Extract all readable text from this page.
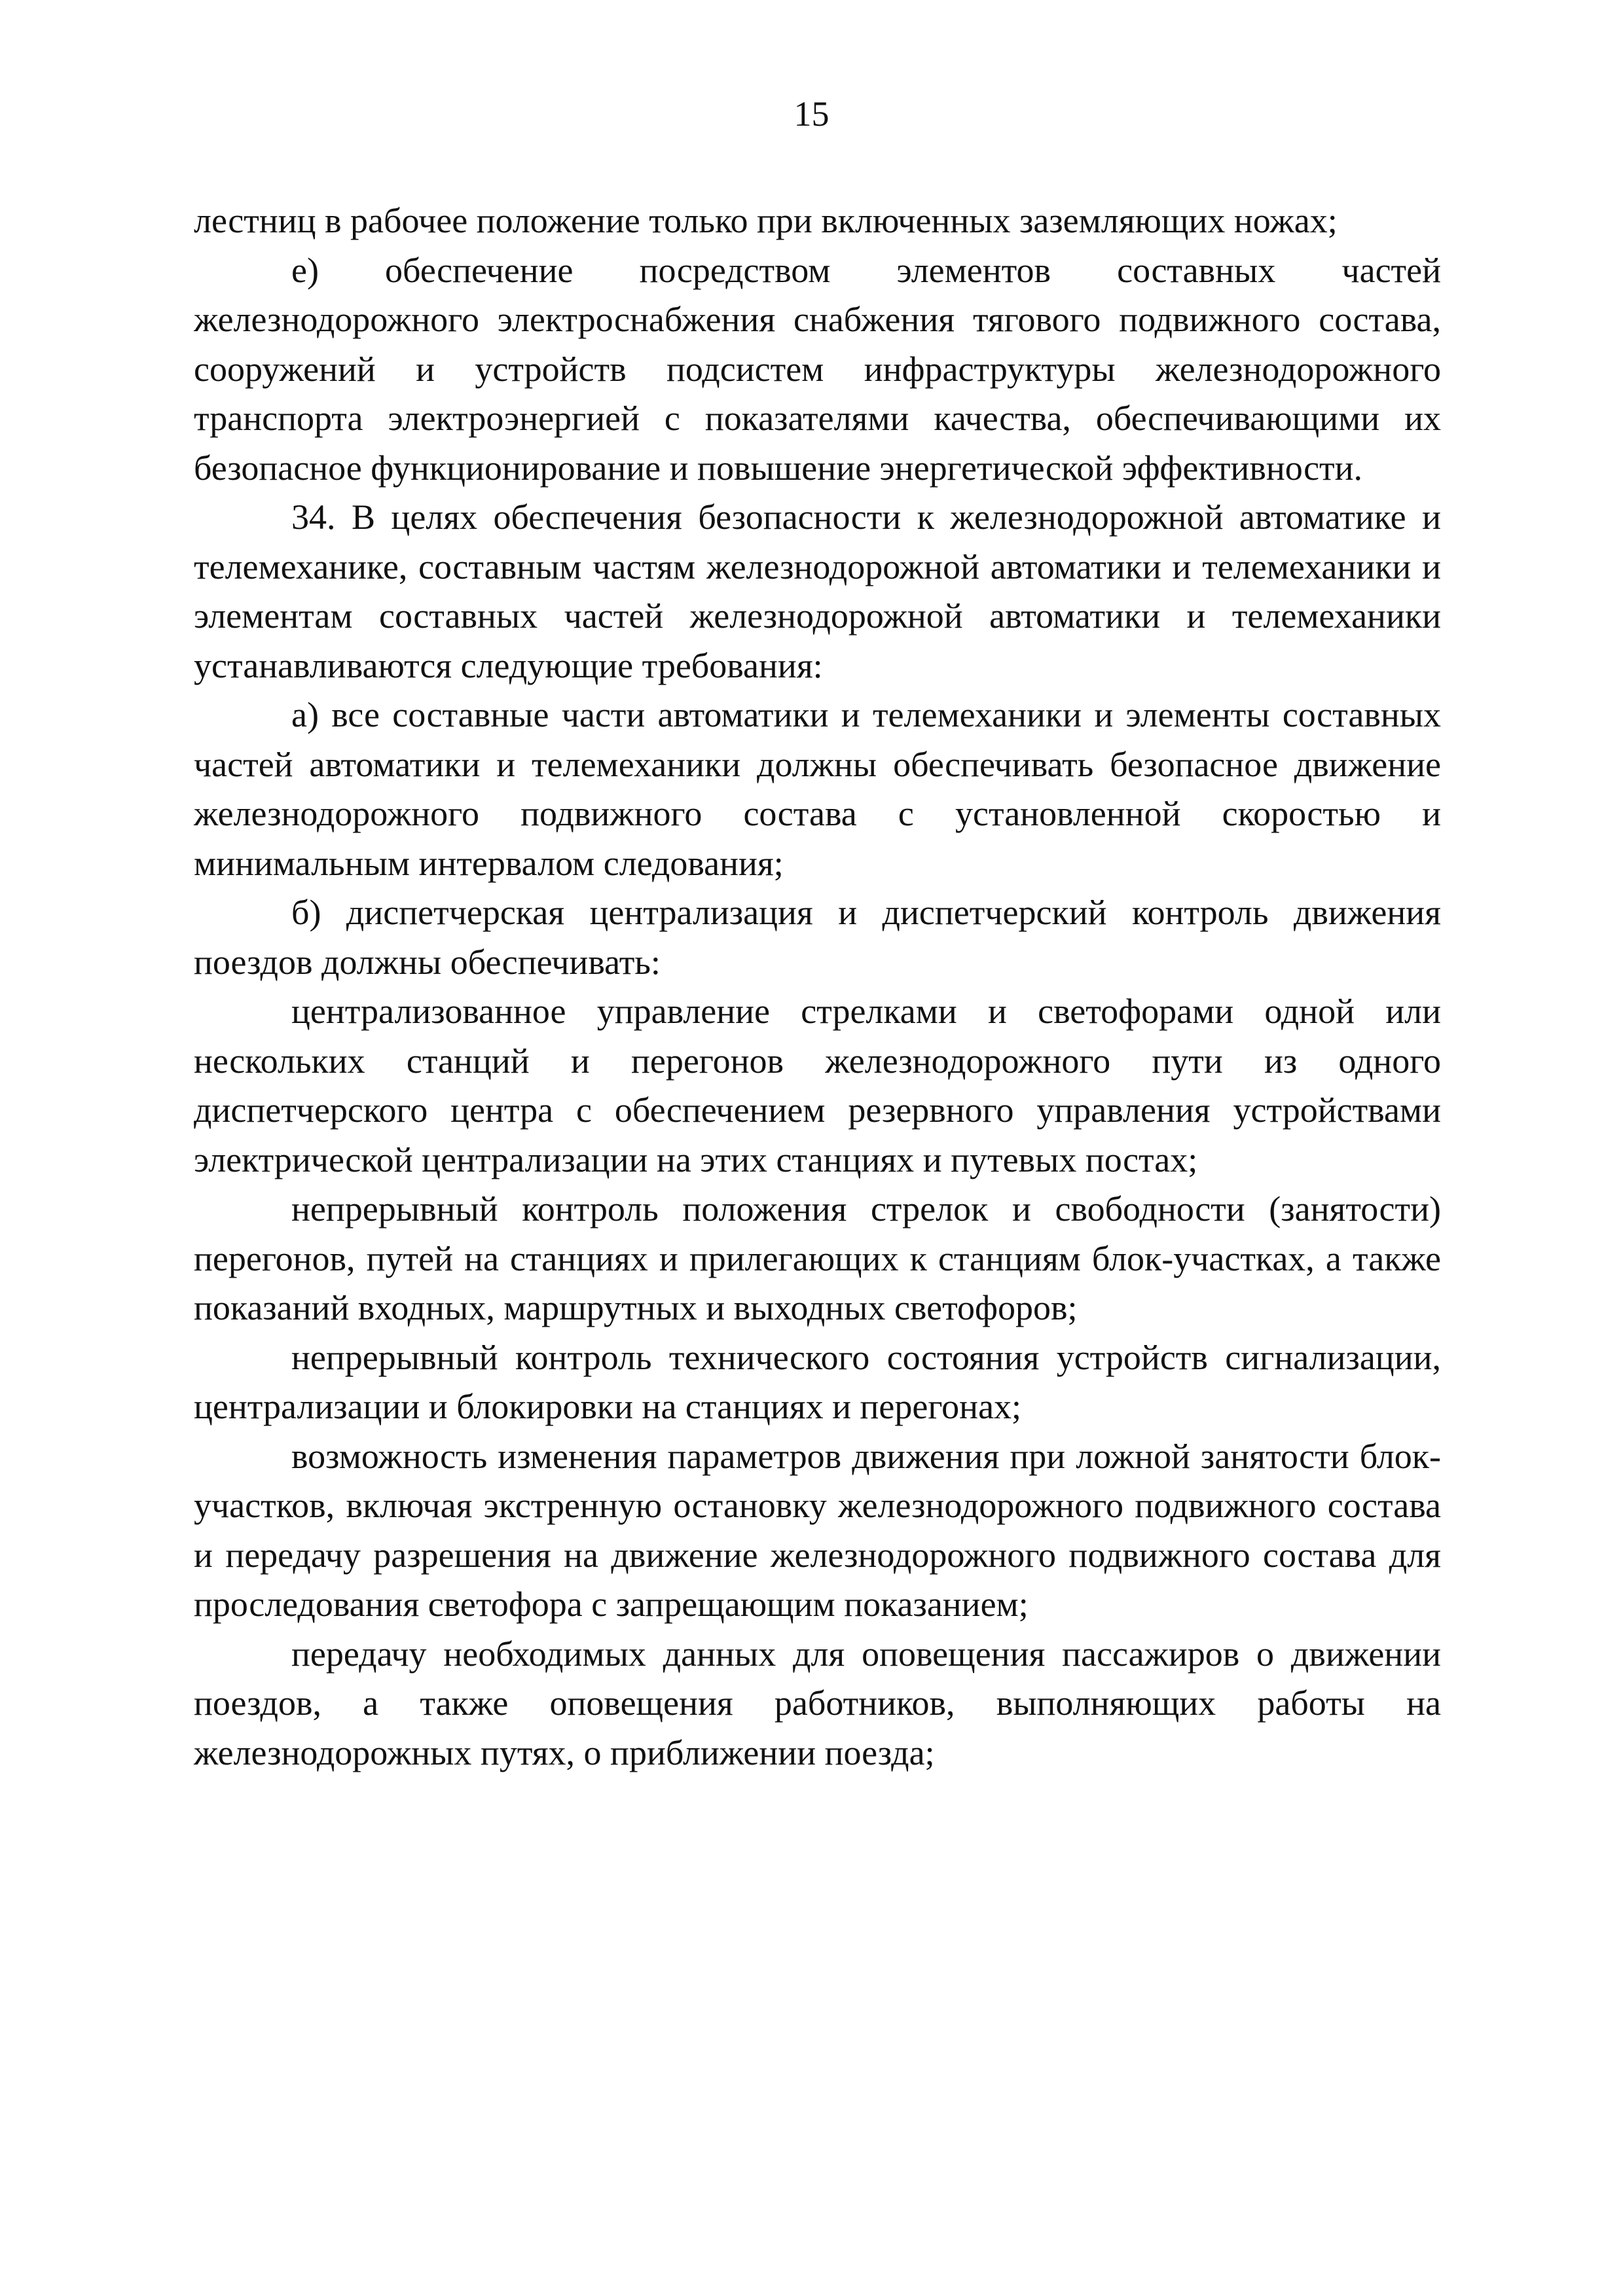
15

лестниц в рабочее положение только при включенных заземляющих ножах;

е) обеспечение посредством элементов составных частей железнодорожного электроснабжения снабжения тягового подвижного состава, сооружений и устройств подсистем инфраструктуры железнодорожного транспорта электроэнергией с показателями качества, обеспечивающими их безопасное функционирование и повышение энергетической эффективности.

34. В целях обеспечения безопасности к железнодорожной автоматике и телемеханике, составным частям железнодорожной автоматики и телемеханики и элементам составных частей железнодорожной автоматики и телемеханики устанавливаются следующие требования:

а) все составные части автоматики и телемеханики и элементы составных частей автоматики и телемеханики должны обеспечивать безопасное движение железнодорожного подвижного состава с установленной скоростью и минимальным интервалом следования;

б) диспетчерская централизация и диспетчерский контроль движения поездов должны обеспечивать:

централизованное управление стрелками и светофорами одной или нескольких станций и перегонов железнодорожного пути из одного диспетчерского центра с обеспечением резервного управления устройствами электрической централизации на этих станциях и путевых постах;

непрерывный контроль положения стрелок и свободности (занятости) перегонов, путей на станциях и прилегающих к станциям блок-участках, а также показаний входных, маршрутных и выходных светофоров;

непрерывный контроль технического состояния устройств сигнализации, централизации и блокировки на станциях и перегонах;

возможность изменения параметров движения при ложной занятости блок-участков, включая экстренную остановку железнодорожного подвижного состава и передачу разрешения на движение железнодорожного подвижного состава для проследования светофора с запрещающим показанием;

передачу необходимых данных для оповещения пассажиров о движении поездов, а также оповещения работников, выполняющих работы на железнодорожных путях, о приближении поезда;
